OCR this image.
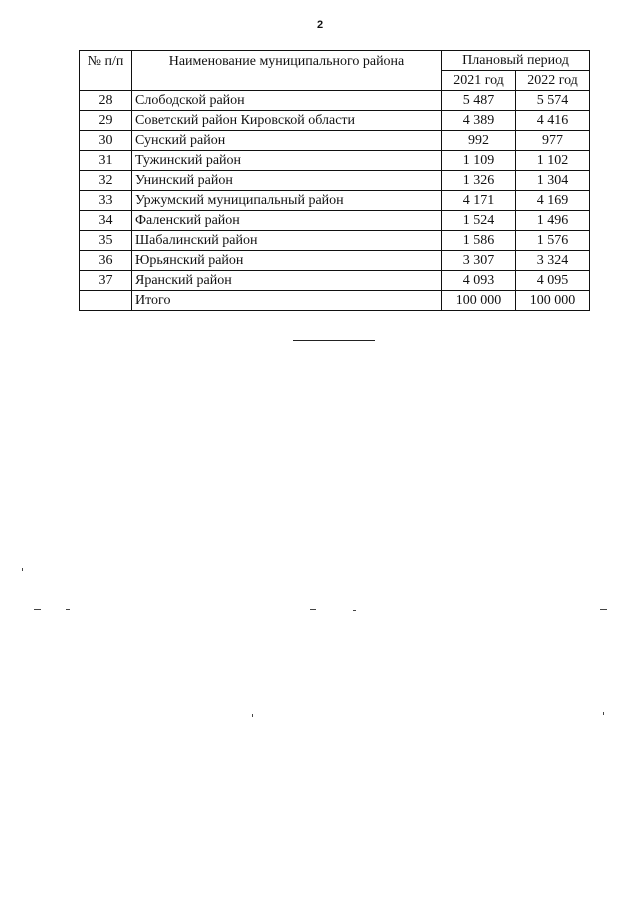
2
№ п/п	Наименование муниципального района	Плановый период	
		2021 год	2022 год
28	Слободской район	5 487	5 574
29	Советский район Кировской области	4 389	4 416
30	Сунский район	992	977
31	Тужинский район	1 109	1 102
32	Унинский район	1 326	1 304
33	Уржумский муниципальный район	4 171	4 169
34	Фаленский район	1 524	1 496
35	Шабалинский район	1 586	1 576
36	Юрьянский район	3 307	3 324
37	Яранский район	4 093	4 095
	Итого	100 000	100 000
